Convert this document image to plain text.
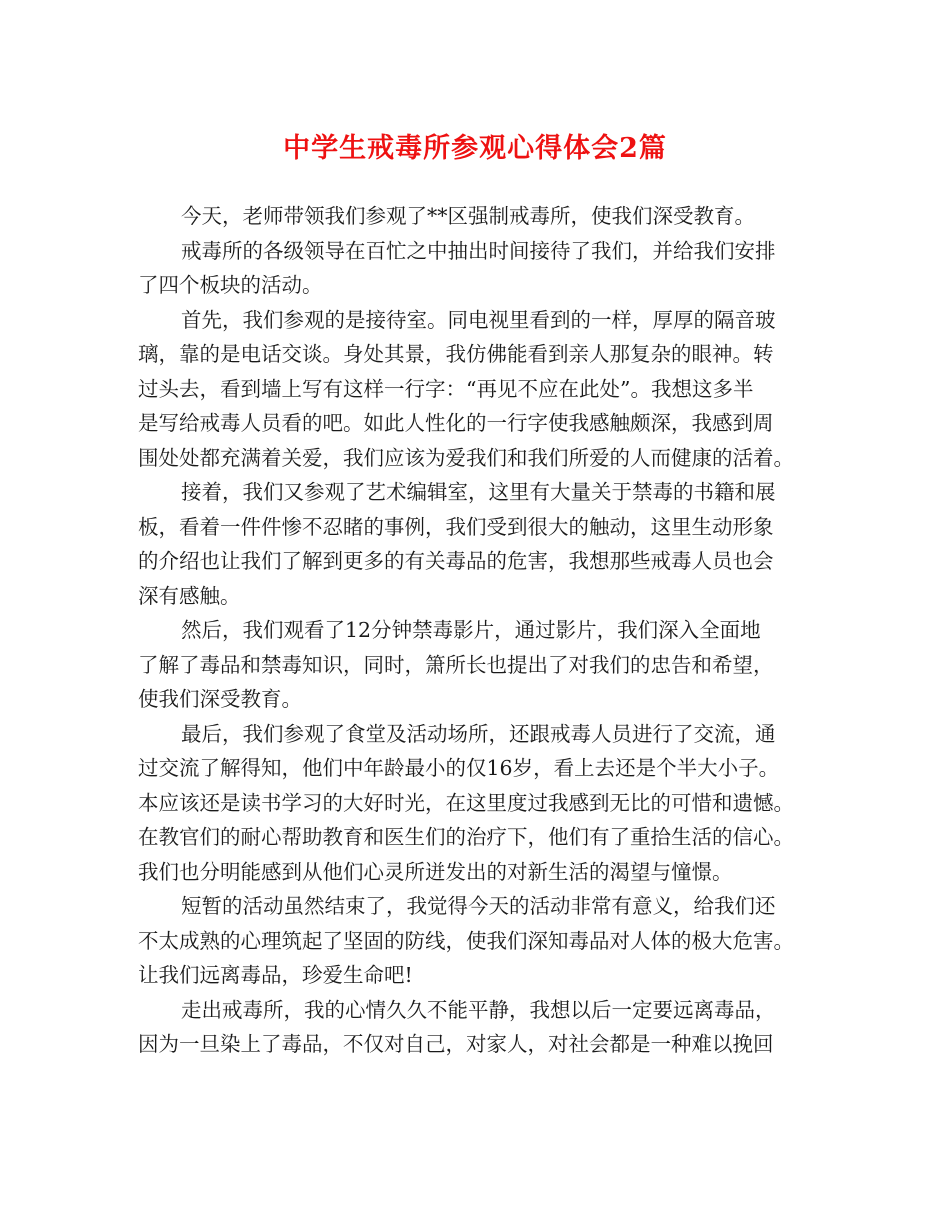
中学生戒毒所参观心得体会2篇
今天，老师带领我们参观了**区强制戒毒所，使我们深受教育。
戒毒所的各级领导在百忙之中抽出时间接待了我们，并给我们安排
了四个板块的活动。
首先，我们参观的是接待室。同电视里看到的一样，厚厚的隔音玻
璃，靠的是电话交谈。身处其景，我仿佛能看到亲人那复杂的眼神。转
过头去，看到墙上写有这样一行字：“再见不应在此处”。我想这多半
是写给戒毒人员看的吧。如此人性化的一行字使我感触颇深，我感到周
围处处都充满着关爱，我们应该为爱我们和我们所爱的人而健康的活着。
接着，我们又参观了艺术编辑室，这里有大量关于禁毒的书籍和展
板，看着一件件惨不忍睹的事例，我们受到很大的触动，这里生动形象
的介绍也让我们了解到更多的有关毒品的危害，我想那些戒毒人员也会
深有感触。
然后，我们观看了12分钟禁毒影片，通过影片，我们深入全面地
了解了毒品和禁毒知识，同时，箫所长也提出了对我们的忠告和希望，
使我们深受教育。
最后，我们参观了食堂及活动场所，还跟戒毒人员进行了交流，通
过交流了解得知，他们中年龄最小的仅16岁，看上去还是个半大小子。
本应该还是读书学习的大好时光，在这里度过我感到无比的可惜和遗憾。
在教官们的耐心帮助教育和医生们的治疗下，他们有了重拾生活的信心。
我们也分明能感到从他们心灵所迸发出的对新生活的渴望与憧憬。
短暂的活动虽然结束了，我觉得今天的活动非常有意义，给我们还
不太成熟的心理筑起了坚固的防线，使我们深知毒品对人体的极大危害。
让我们远离毒品，珍爱生命吧!
走出戒毒所，我的心情久久不能平静，我想以后一定要远离毒品，
因为一旦染上了毒品，不仅对自己，对家人，对社会都是一种难以挽回
